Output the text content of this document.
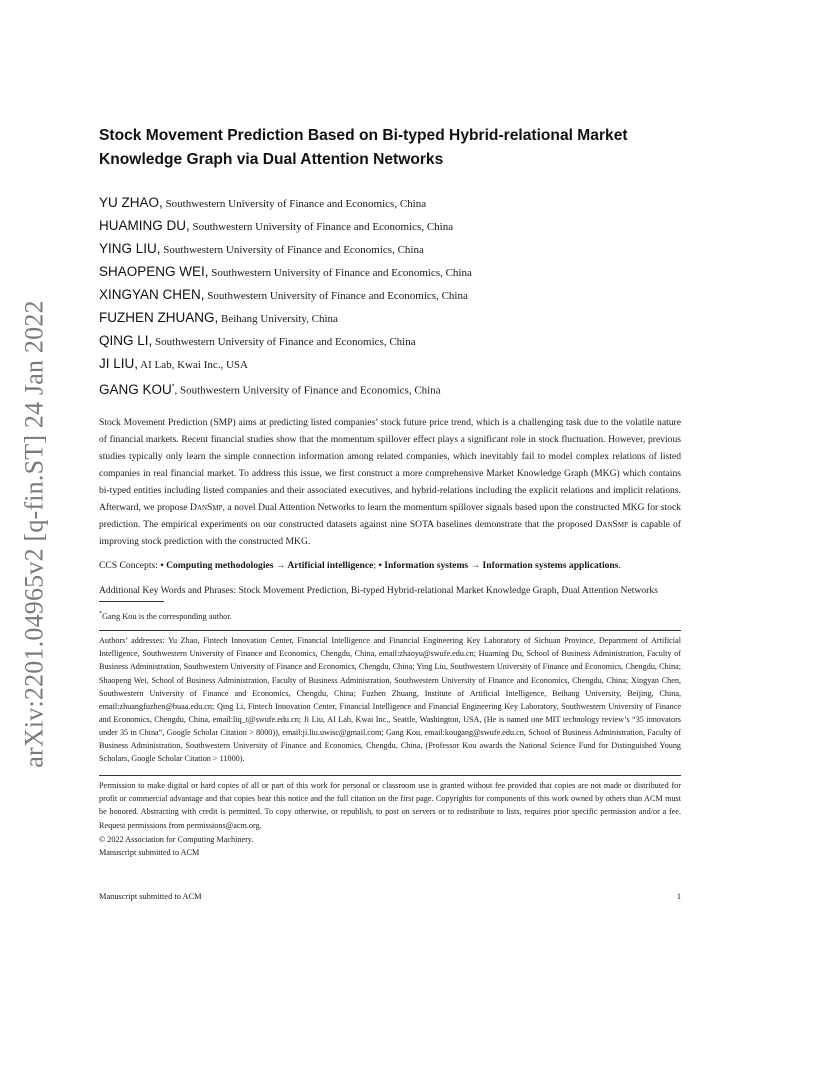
arXiv:2201.04965v2 [q-fin.ST] 24 Jan 2022
Stock Movement Prediction Based on Bi-typed Hybrid-relational Market Knowledge Graph via Dual Attention Networks
YU ZHAO, Southwestern University of Finance and Economics, China
HUAMING DU, Southwestern University of Finance and Economics, China
YING LIU, Southwestern University of Finance and Economics, China
SHAOPENG WEI, Southwestern University of Finance and Economics, China
XINGYAN CHEN, Southwestern University of Finance and Economics, China
FUZHEN ZHUANG, Beihang University, China
QING LI, Southwestern University of Finance and Economics, China
JI LIU, AI Lab, Kwai Inc., USA
GANG KOU*, Southwestern University of Finance and Economics, China

Stock Movement Prediction (SMP) aims at predicting listed companies’ stock future price trend, which is a challenging task due to the volatile nature of financial markets. Recent financial studies show that the momentum spillover effect plays a significant role in stock fluctuation. However, previous studies typically only learn the simple connection information among related companies, which inevitably fail to model complex relations of listed companies in real financial market. To address this issue, we first construct a more comprehensive Market Knowledge Graph (MKG) which contains bi-typed entities including listed companies and their associated executives, and hybrid-relations including the explicit relations and implicit relations. Afterward, we propose DanSmp, a novel Dual Attention Networks to learn the momentum spillover signals based upon the constructed MKG for stock prediction. The empirical experiments on our constructed datasets against nine SOTA baselines demonstrate that the proposed DanSmp is capable of improving stock prediction with the constructed MKG.

CCS Concepts: • Computing methodologies → Artificial intelligence; • Information systems → Information systems applications.

Additional Key Words and Phrases: Stock Movement Prediction, Bi-typed Hybrid-relational Market Knowledge Graph, Dual Attention Networks

*Gang Kou is the corresponding author.

Authors’ addresses: Yu Zhao, Fintech Innovation Center, Financial Intelligence and Financial Engineering Key Laboratory of Sichuan Province, Department of Artificial Intelligence, Southwestern University of Finance and Economics, Chengdu, China, email:zhaoyu@swufe.edu.cn; Huaming Du, School of Business Administration, Faculty of Business Administration, Southwestern University of Finance and Economics, Chengdu, China; Ying Liu, Southwestern University of Finance and Economics, Chengdu, China; Shaopeng Wei, School of Business Administration, Faculty of Business Administration, Southwestern University of Finance and Economics, Chengdu, China; Xingyan Chen, Southwestern University of Finance and Economics, Chengdu, China; Fuzhen Zhuang, Institute of Artificial Intelligence, Beihang University, Beijing, China, email:zhuangfuzhen@buaa.edu.cn; Qing Li, Fintech Innovation Center, Financial Intelligence and Financial Engineering Key Laboratory, Southwestern University of Finance and Economics, Chengdu, China, email:liq_t@swufe.edu.cn; Ji Liu, AI Lab, Kwai Inc., Seattle, Washington, USA, (He is named one MIT technology review’s “35 innovators under 35 in China”, Google Scholar Citation > 8000)), email:ji.liu.uwisc@gmail.com; Gang Kou, email:kougang@swufe.edu.cn, School of Business Administration, Faculty of Business Administration, Southwestern University of Finance and Economics, Chengdu, China, (Professor Kou awards the National Science Fund for Distinguished Young Scholars, Google Scholar Citation > 11000).

Permission to make digital or hard copies of all or part of this work for personal or classroom use is granted without fee provided that copies are not made or distributed for profit or commercial advantage and that copies bear this notice and the full citation on the first page. Copyrights for components of this work owned by others than ACM must be honored. Abstracting with credit is permitted. To copy otherwise, or republish, to post on servers or to redistribute to lists, requires prior specific permission and/or a fee. Request permissions from permissions@acm.org.

© 2022 Association for Computing Machinery.

Manuscript submitted to ACM

Manuscript submitted to ACM	1
